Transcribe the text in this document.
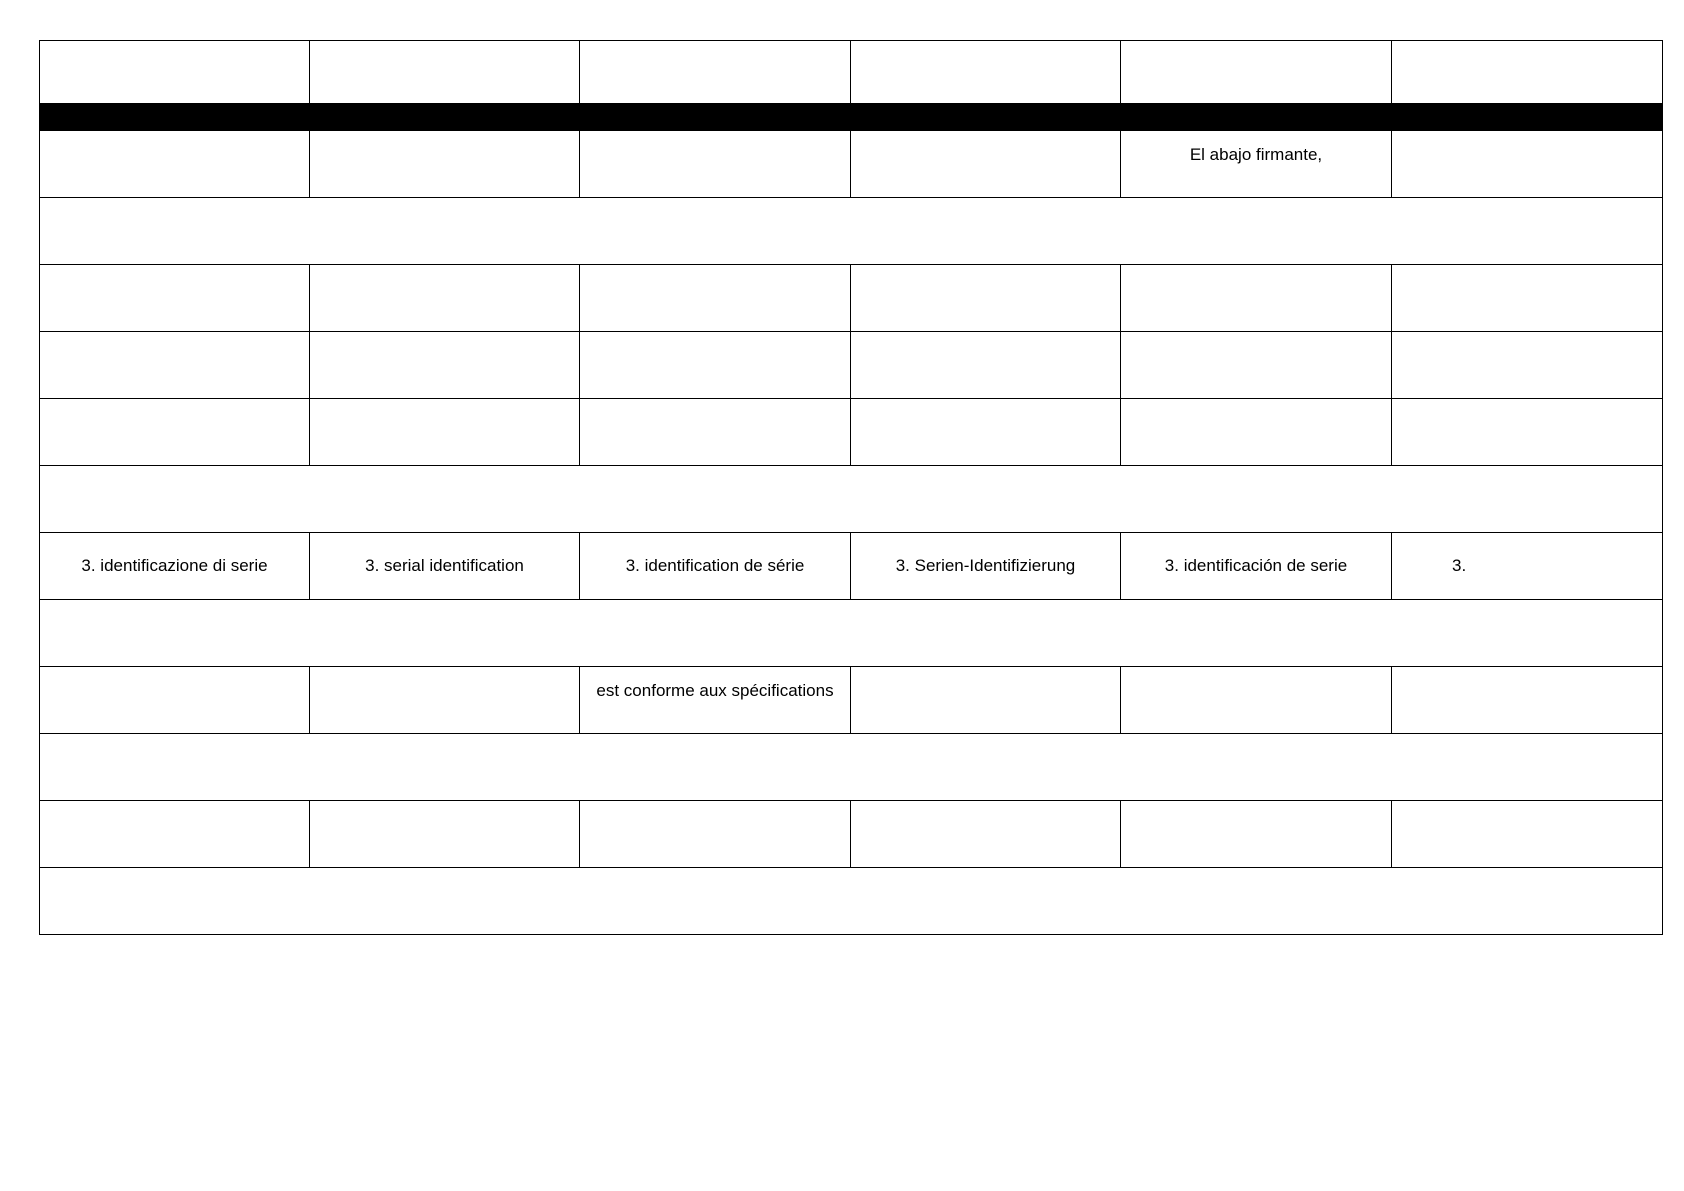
				El abajo firmante,	

3. identificazione di serie	3. serial identification	3. identification de série	3. Serien-Identifizierung	3. identificación de serie	3.

		est conforme aux spécifications			
